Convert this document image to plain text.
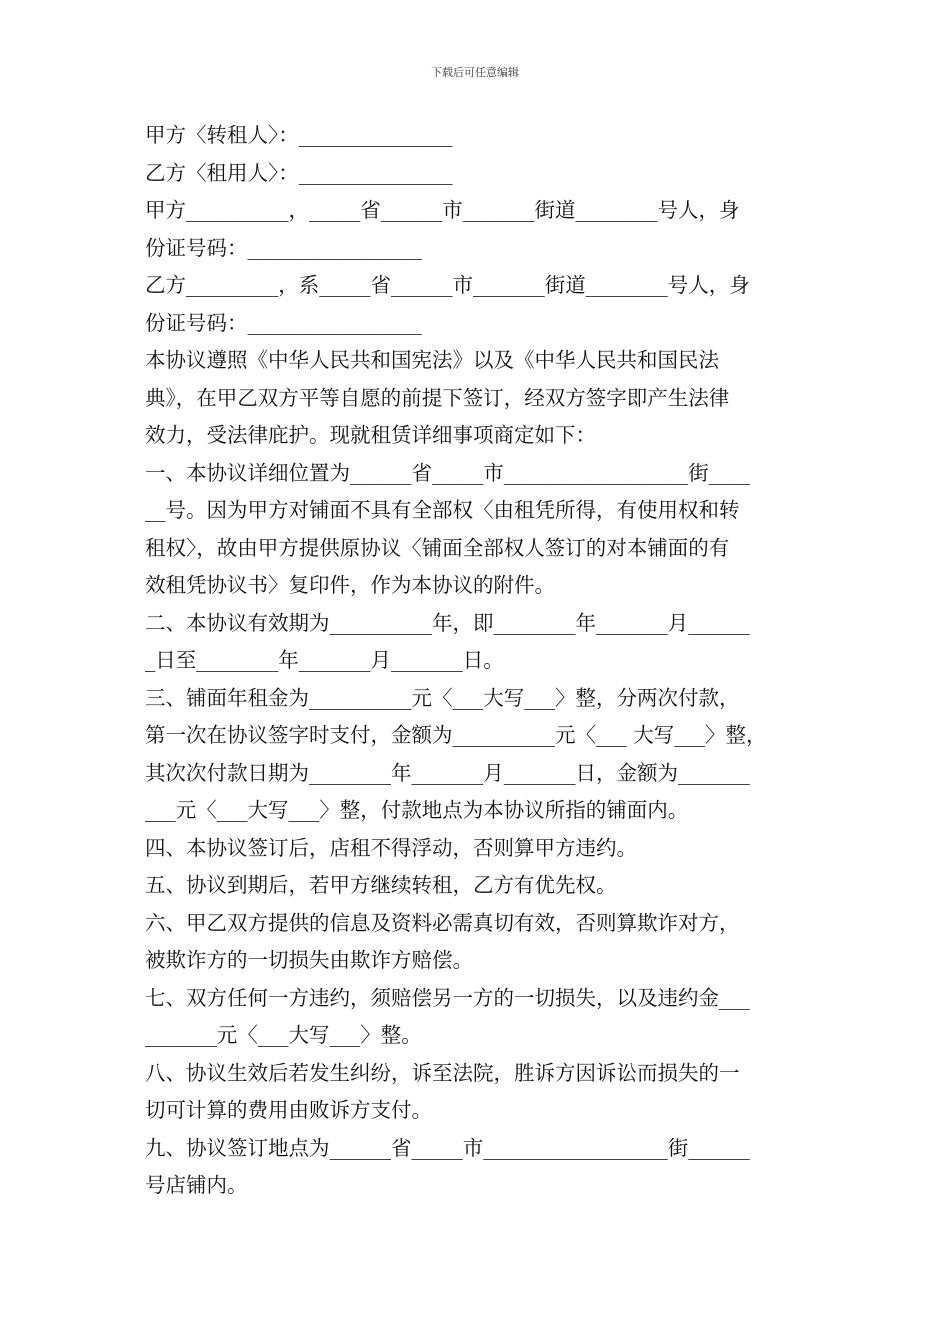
下载后可任意编辑
甲方〈转租人〉：_______________
乙方〈租用人〉：_______________
甲方__________，_____省______市_______街道________号人，身
份证号码：_________________
乙方_________，系_____省______市_______街道________号人，身
份证号码：_________________
本协议遵照《中华人民共和国宪法》以及《中华人民共和国民法
典》，在甲乙双方平等自愿的前提下签订，经双方签字即产生法律
效力，受法律庇护。现就租赁详细事项商定如下：
一、本协议详细位置为______省_____市__________________街____
__号。因为甲方对铺面不具有全部权〈由租凭所得，有使用权和转
租权〉，故由甲方提供原协议〈铺面全部权人签订的对本铺面的有
效租凭协议书〉复印件，作为本协议的附件。
二、本协议有效期为__________年，即________年_______月______
_日至________年_______月_______日。
三、铺面年租金为__________元〈___大写___〉整，分两次付款，
第一次在协议签字时支付，金额为__________元〈___ 大写___〉整，
其次次付款日期为________年_______月_______日，金额为_______
___元〈___大写___〉整，付款地点为本协议所指的铺面内。
四、本协议签订后，店租不得浮动，否则算甲方违约。
五、协议到期后，若甲方继续转租，乙方有优先权。
六、甲乙双方提供的信息及资料必需真切有效，否则算欺诈对方，
被欺诈方的一切损失由欺诈方赔偿。
七、双方任何一方违约，须赔偿另一方的一切损失，以及违约金___
_______元〈___大写___〉整。
八、协议生效后若发生纠纷，诉至法院，胜诉方因诉讼而损失的一
切可计算的费用由败诉方支付。
九、协议签订地点为______省_____市__________________街______
号店铺内。
